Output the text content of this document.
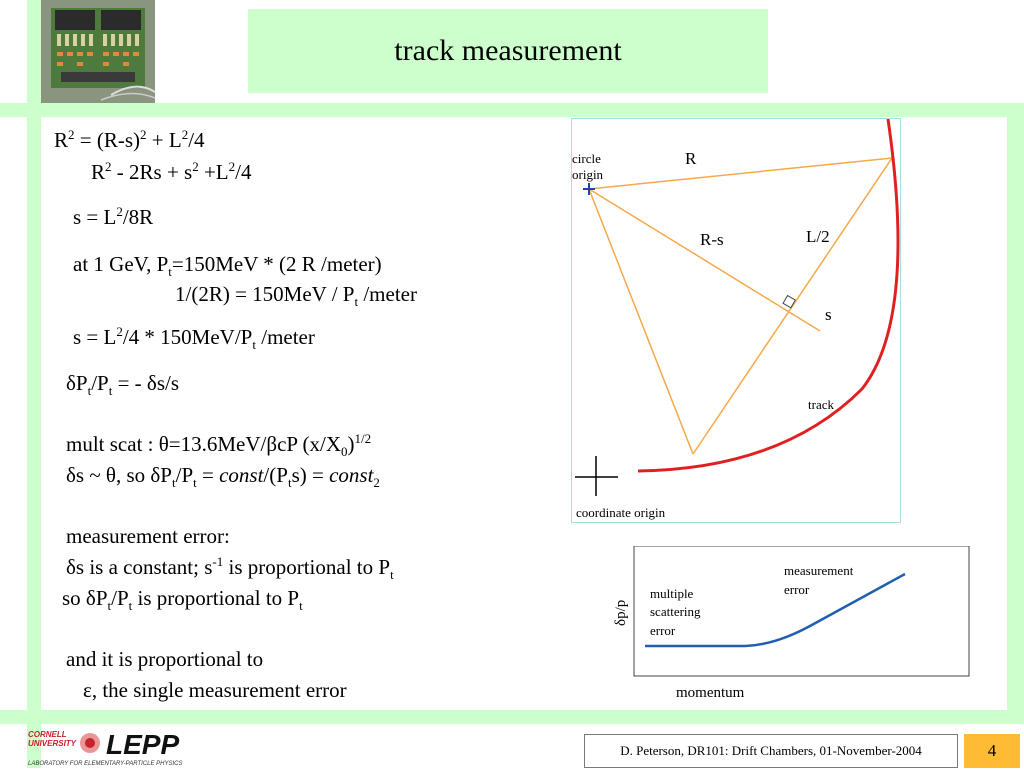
track measurement
$R^2 = (R-s)^2 + L^2/4$
$R^2 - 2Rs + s^2 +L^2/4$
$s = L^2/8R$
at 1 GeV, $P_t=150MeV * (2$ R /meter)
$1/(2R) = 150MeV / P_t$ /meter
$s = L^2/4 * 150MeV/P_t$ /meter
$\delta P_t/P_t$ = - δs/s
mult scat : θ=13.6MeV/βcP $(x/X_0)^{1/2}$
δs ~ θ, so $\delta P_t/P_t$ = const/$(P_ts)$ = const$_2$
measurement error:
δs is a constant; $s^{-1}$ is proportional to $P_t$
so $\delta P_t/P_t$ is proportional to $P_t$
and it is proportional to
ε, the single measurement error
circle
origin
R
R-s	L/2
s
track
coordinate origin
δp/p
multiple
scattering
error
measurement
error
momentum
CORNELL
UNIVERSITY LEPP
LABORATORY FOR ELEMENTARY-PARTICLE PHYSICS
D. Peterson, DR101: Drift Chambers, 01-November-2004	4
